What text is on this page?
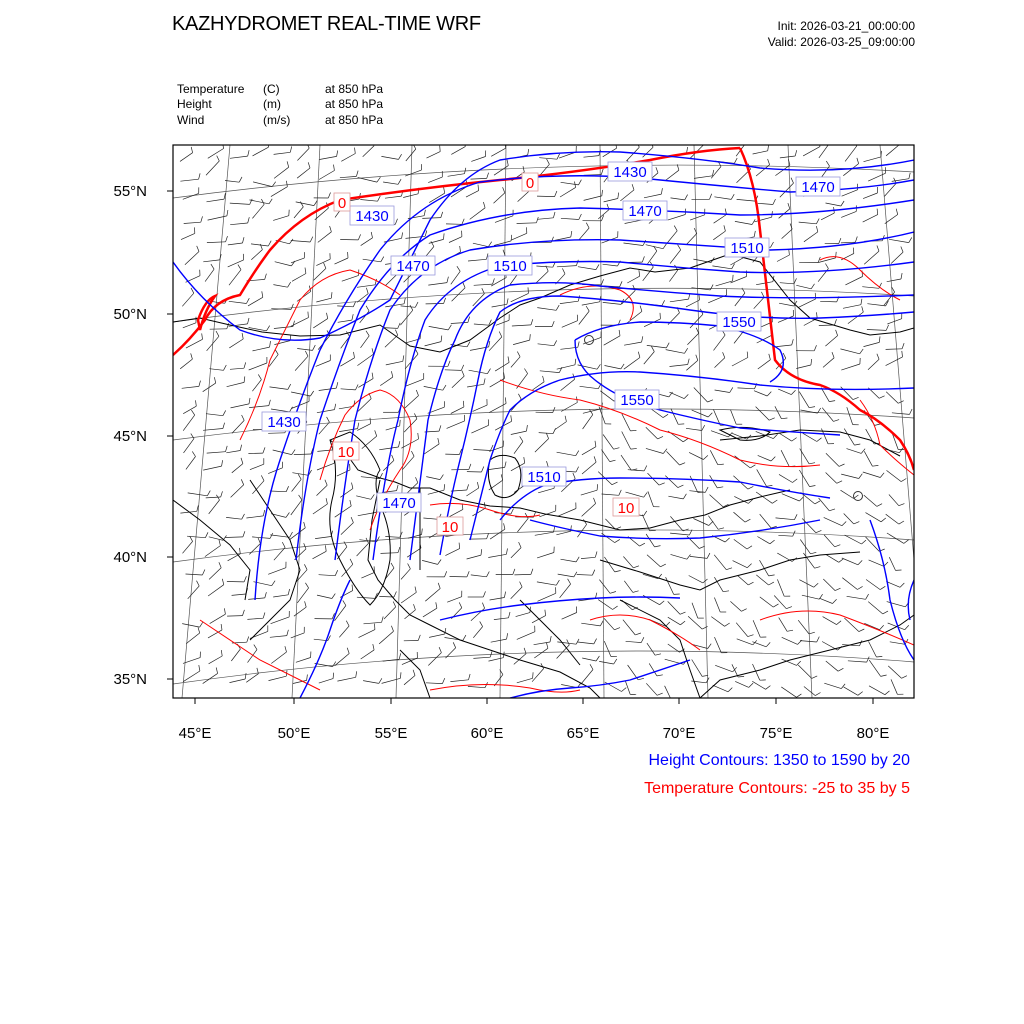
KAZHYDROMET REAL-TIME WRF	Init: 2026-03-21_00:00:00
Valid: 2026-03-25_09:00:00
Temperature (C)	at 850 hPa
Height	(m)	at 850 hPa
Wind	(m/s)	at 850 hPa
55°N
50°N
45°N
40°N
35°N
45°E	50°E	55°E	60°E	65°E	70°E	75°E	80°E
1430
1430
1470
1470
1470
1510
1510
1550
1550
1430
1510
1470
0
0
10
10
10
Height Contours: 1350 to 1590 by 20
Temperature Contours: -25 to 35 by 5
